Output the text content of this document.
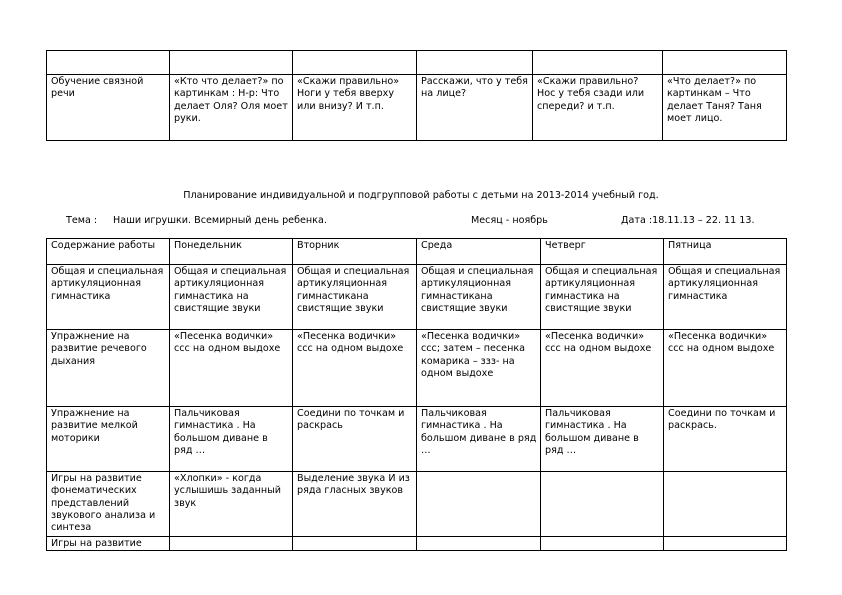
Обучение связной речи	«Кто что делает?» по картинкам : Н-р: Что делает Оля? Оля моет руки.	«Скажи правильно» Ноги у тебя вверху или внизу? И т.п.	Расскажи, что у тебя на лице?	«Скажи правильно? Нос у тебя сзади или спереди? и т.п.	«Что делает?» по картинкам – Что делает Таня? Таня моет лицо.
Планирование индивидуальной и подгрупповой работы с детьми на 2013-2014 учебный год.
Тема : Наши игрушки. Всемирный день ребенка.	Месяц - ноябрь	Дата :18.11.13 – 22. 11 13.
Содержание работы	Понедельник	Вторник	Среда	Четверг	Пятница
Общая и специальная артикуляционная гимнастика	Общая и специальная артикуляционная гимнастика на свистящие звуки	Общая и специальная артикуляционная гимнастикана свистящие звуки	Общая и специальная артикуляционная гимнастикана свистящие звуки	Общая и специальная артикуляционная гимнастика на свистящие звуки	Общая и специальная артикуляционная гимнастика
Упражнение на развитие речевого дыхания	«Песенка водички» ссс на одном выдохе	«Песенка водички» ссс на одном выдохе	«Песенка водички» ссс; затем – песенка комарика – ззз- на одном выдохе	«Песенка водички» ссс на одном выдохе	«Песенка водички» ссс на одном выдохе
Упражнение на развитие мелкой моторики	Пальчиковая гимнастика . На большом диване в ряд …	Соедини по точкам и раскрась	Пальчиковая гимнастика . На большом диване в ряд …	Пальчиковая гимнастика . На большом диване в ряд …	Соедини по точкам и раскрась.
Игры на развитие фонематических представлений звукового анализа и синтеза	«Хлопки» - когда услышишь заданный звук	Выделение звука И из ряда гласных звуков			
Игры на развитие					
